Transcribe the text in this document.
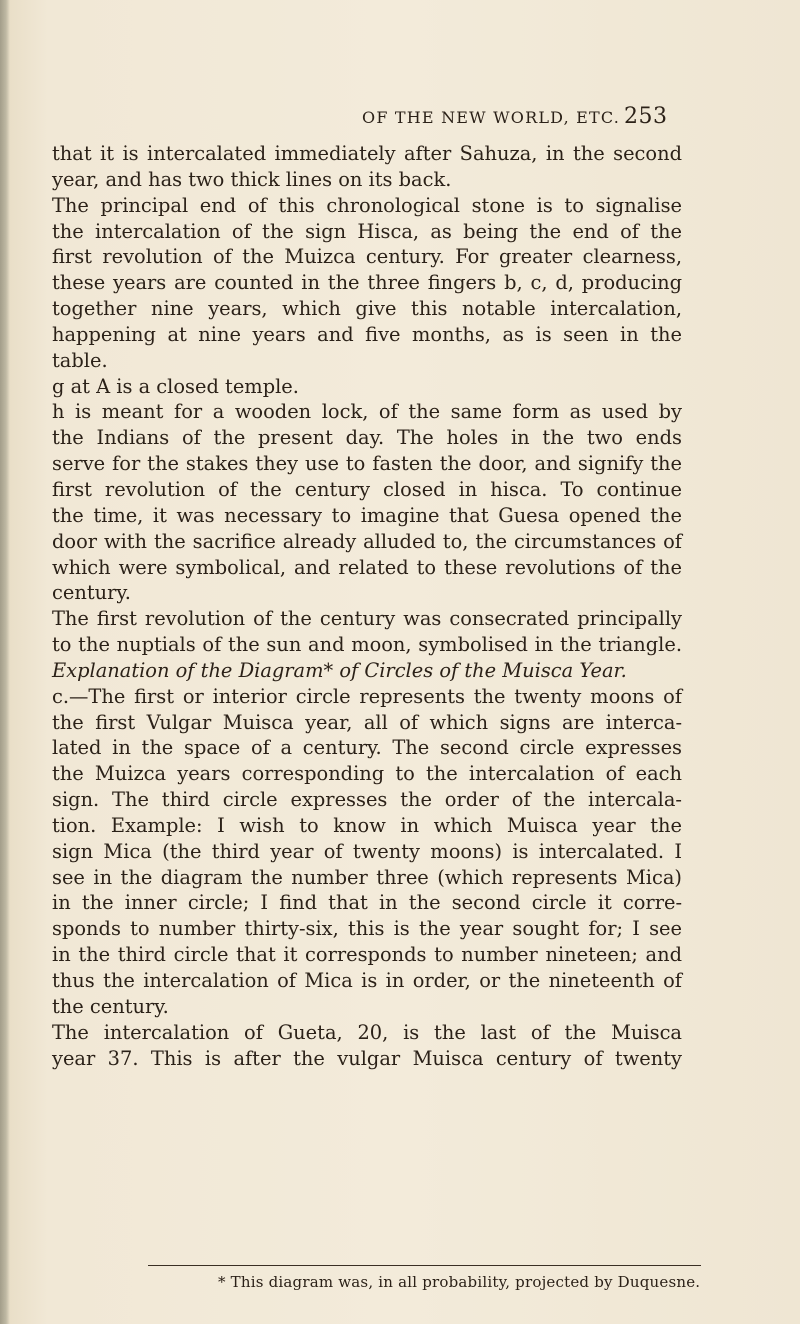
OF THE NEW WORLD, ETC. 253
that it is intercalated immediately after Sahuza, in the second
year, and has two thick lines on its back.
The principal end of this chronological stone is to signalise
the intercalation of the sign Hisca, as being the end of the
first revolution of the Muizca century. For greater clearness,
these years are counted in the three fingers b, c, d, producing
together nine years, which give this notable intercalation,
happening at nine years and five months, as is seen in the
table.
g at A is a closed temple.
h is meant for a wooden lock, of the same form as used by
the Indians of the present day. The holes in the two ends
serve for the stakes they use to fasten the door, and signify the
first revolution of the century closed in hisca. To continue
the time, it was necessary to imagine that Guesa opened the
door with the sacrifice already alluded to, the circumstances of
which were symbolical, and related to these revolutions of the
century.
The first revolution of the century was consecrated principally
to the nuptials of the sun and moon, symbolised in the triangle.
Explanation of the Diagram* of Circles of the Muisca Year.
c.—The first or interior circle represents the twenty moons of
the first Vulgar Muisca year, all of which signs are interca-
lated in the space of a century. The second circle expresses
the Muizca years corresponding to the intercalation of each
sign. The third circle expresses the order of the intercala-
tion. Example: I wish to know in which Muisca year the
sign Mica (the third year of twenty moons) is intercalated. I
see in the diagram the number three (which represents Mica)
in the inner circle; I find that in the second circle it corre-
sponds to number thirty-six, this is the year sought for; I see
in the third circle that it corresponds to number nineteen; and
thus the intercalation of Mica is in order, or the nineteenth of
the century.
The intercalation of Gueta, 20, is the last of the Muisca
year 37. This is after the vulgar Muisca century of twenty
* This diagram was, in all probability, projected by Duquesne.
